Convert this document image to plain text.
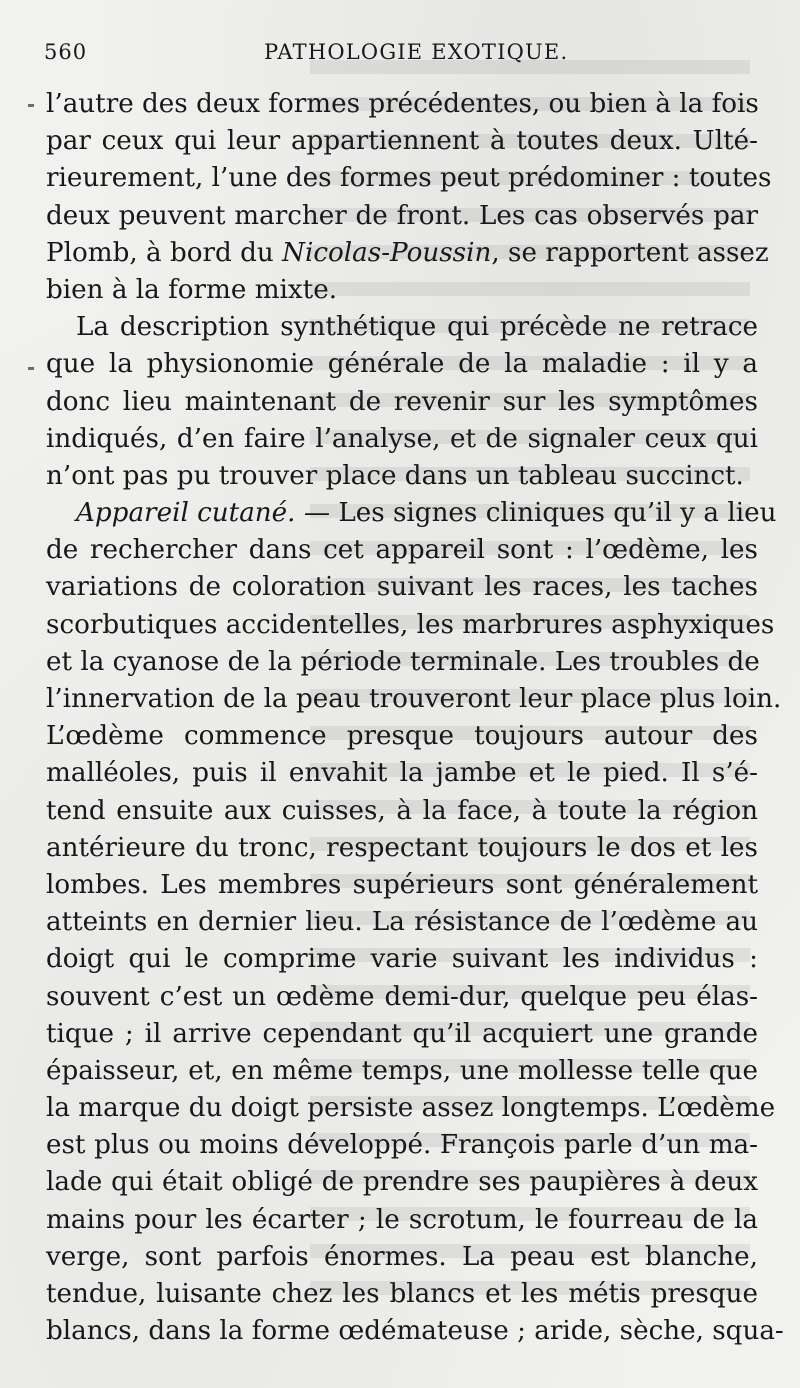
560	PATHOLOGIE EXOTIQUE.
l’autre des deux formes précédentes, ou bien à la fois
par ceux qui leur appartiennent à toutes deux. Ulté-
rieurement, l’une des formes peut prédominer : toutes
deux peuvent marcher de front. Les cas observés par
Plomb, à bord du Nicolas-Poussin, se rapportent assez
bien à la forme mixte.
La description synthétique qui précède ne retrace
que la physionomie générale de la maladie : il y a
donc lieu maintenant de revenir sur les symptômes
indiqués, d’en faire l’analyse, et de signaler ceux qui
n’ont pas pu trouver place dans un tableau succinct.
Appareil cutané. — Les signes cliniques qu’il y a lieu
de rechercher dans cet appareil sont : l’œdème, les
variations de coloration suivant les races, les taches
scorbutiques accidentelles, les marbrures asphyxiques
et la cyanose de la période terminale. Les troubles de
l’innervation de la peau trouveront leur place plus loin.
L’œdème commence presque toujours autour des
malléoles, puis il envahit la jambe et le pied. Il s’é-
tend ensuite aux cuisses, à la face, à toute la région
antérieure du tronc, respectant toujours le dos et les
lombes. Les membres supérieurs sont généralement
atteints en dernier lieu. La résistance de l’œdème au
doigt qui le comprime varie suivant les individus :
souvent c’est un œdème demi-dur, quelque peu élas-
tique ; il arrive cependant qu’il acquiert une grande
épaisseur, et, en même temps, une mollesse telle que
la marque du doigt persiste assez longtemps. L’œdème
est plus ou moins développé. François parle d’un ma-
lade qui était obligé de prendre ses paupières à deux
mains pour les écarter ; le scrotum, le fourreau de la
verge, sont parfois énormes. La peau est blanche,
tendue, luisante chez les blancs et les métis presque
blancs, dans la forme œdémateuse ; aride, sèche, squa-
